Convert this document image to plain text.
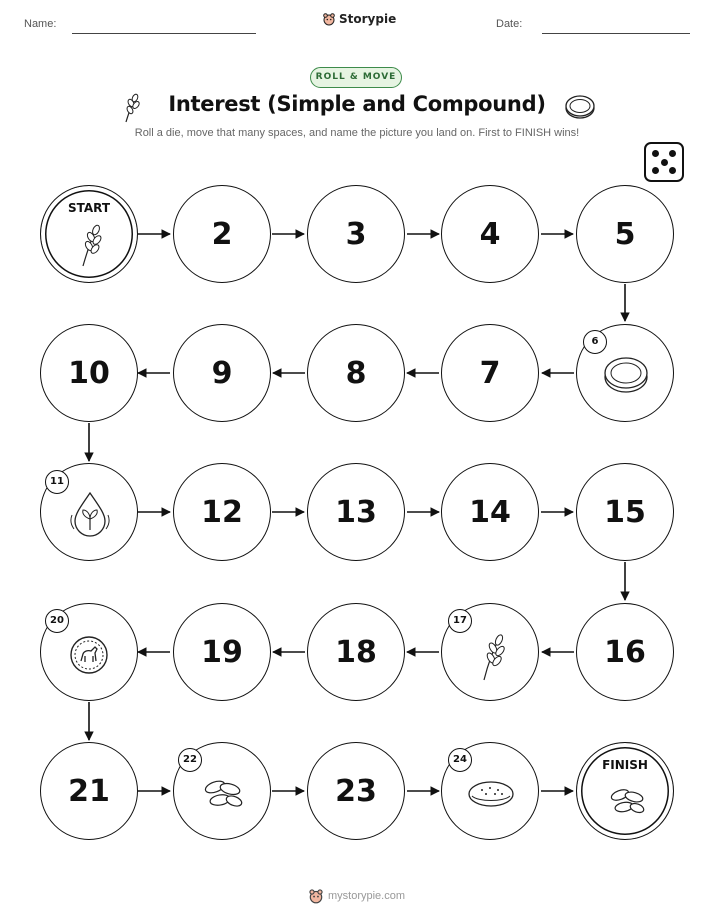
Name:	Storypie	Date:
ROLL & MOVE
Interest (Simple and Compound)
Roll a die, move that many spaces, and name the picture you land on. First to FINISH wins!
START
2	3	4	5
10	9	8	7
6
11
12	13	14	15
20
19	18
17
16
21
22
23
24	FINISH
mystorypie.com
